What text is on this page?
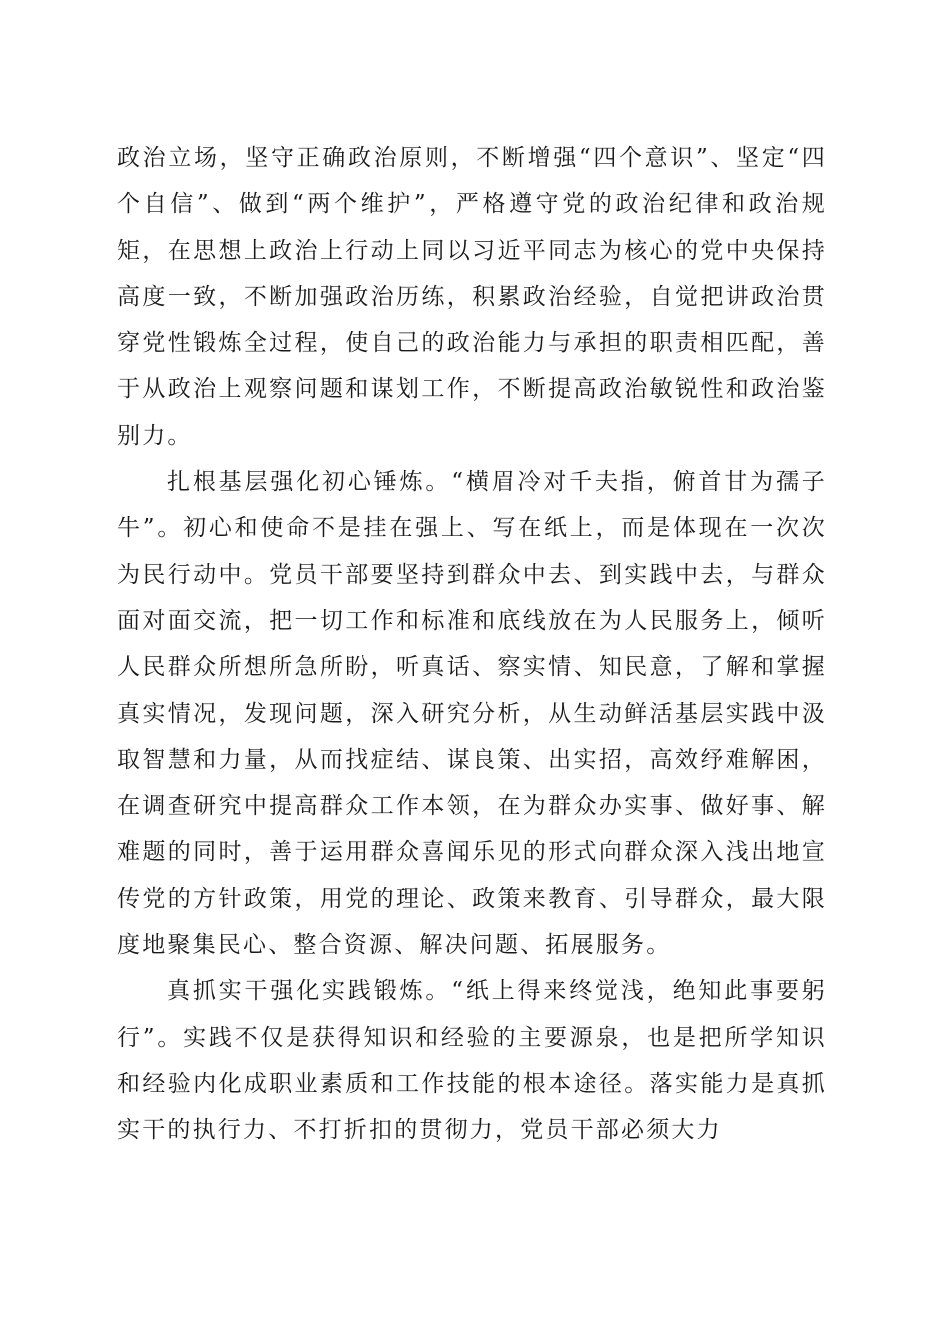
政治立场，坚守正确政治原则，不断增强“四个意识”、坚定“四个自信”、做到“两个维护”，严格遵守党的政治纪律和政治规矩，在思想上政治上行动上同以习近平同志为核心的党中央保持高度一致，不断加强政治历练，积累政治经验，自觉把讲政治贯穿党性锻炼全过程，使自己的政治能力与承担的职责相匹配，善于从政治上观察问题和谋划工作，不断提高政治敏锐性和政治鉴别力。

扎根基层强化初心锤炼。“横眉冷对千夫指，俯首甘为孺子牛”。初心和使命不是挂在强上、写在纸上，而是体现在一次次为民行动中。党员干部要坚持到群众中去、到实践中去，与群众面对面交流，把一切工作和标准和底线放在为人民服务上，倾听人民群众所想所急所盼，听真话、察实情、知民意，了解和掌握真实情况，发现问题，深入研究分析，从生动鲜活基层实践中汲取智慧和力量，从而找症结、谋良策、出实招，高效纾难解困，在调查研究中提高群众工作本领，在为群众办实事、做好事、解难题的同时，善于运用群众喜闻乐见的形式向群众深入浅出地宣传党的方针政策，用党的理论、政策来教育、引导群众，最大限度地聚集民心、整合资源、解决问题、拓展服务。

真抓实干强化实践锻炼。“纸上得来终觉浅，绝知此事要躬行”。实践不仅是获得知识和经验的主要源泉，也是把所学知识和经验内化成职业素质和工作技能的根本途径。落实能力是真抓实干的执行力、不打折扣的贯彻力，党员干部必须大力
